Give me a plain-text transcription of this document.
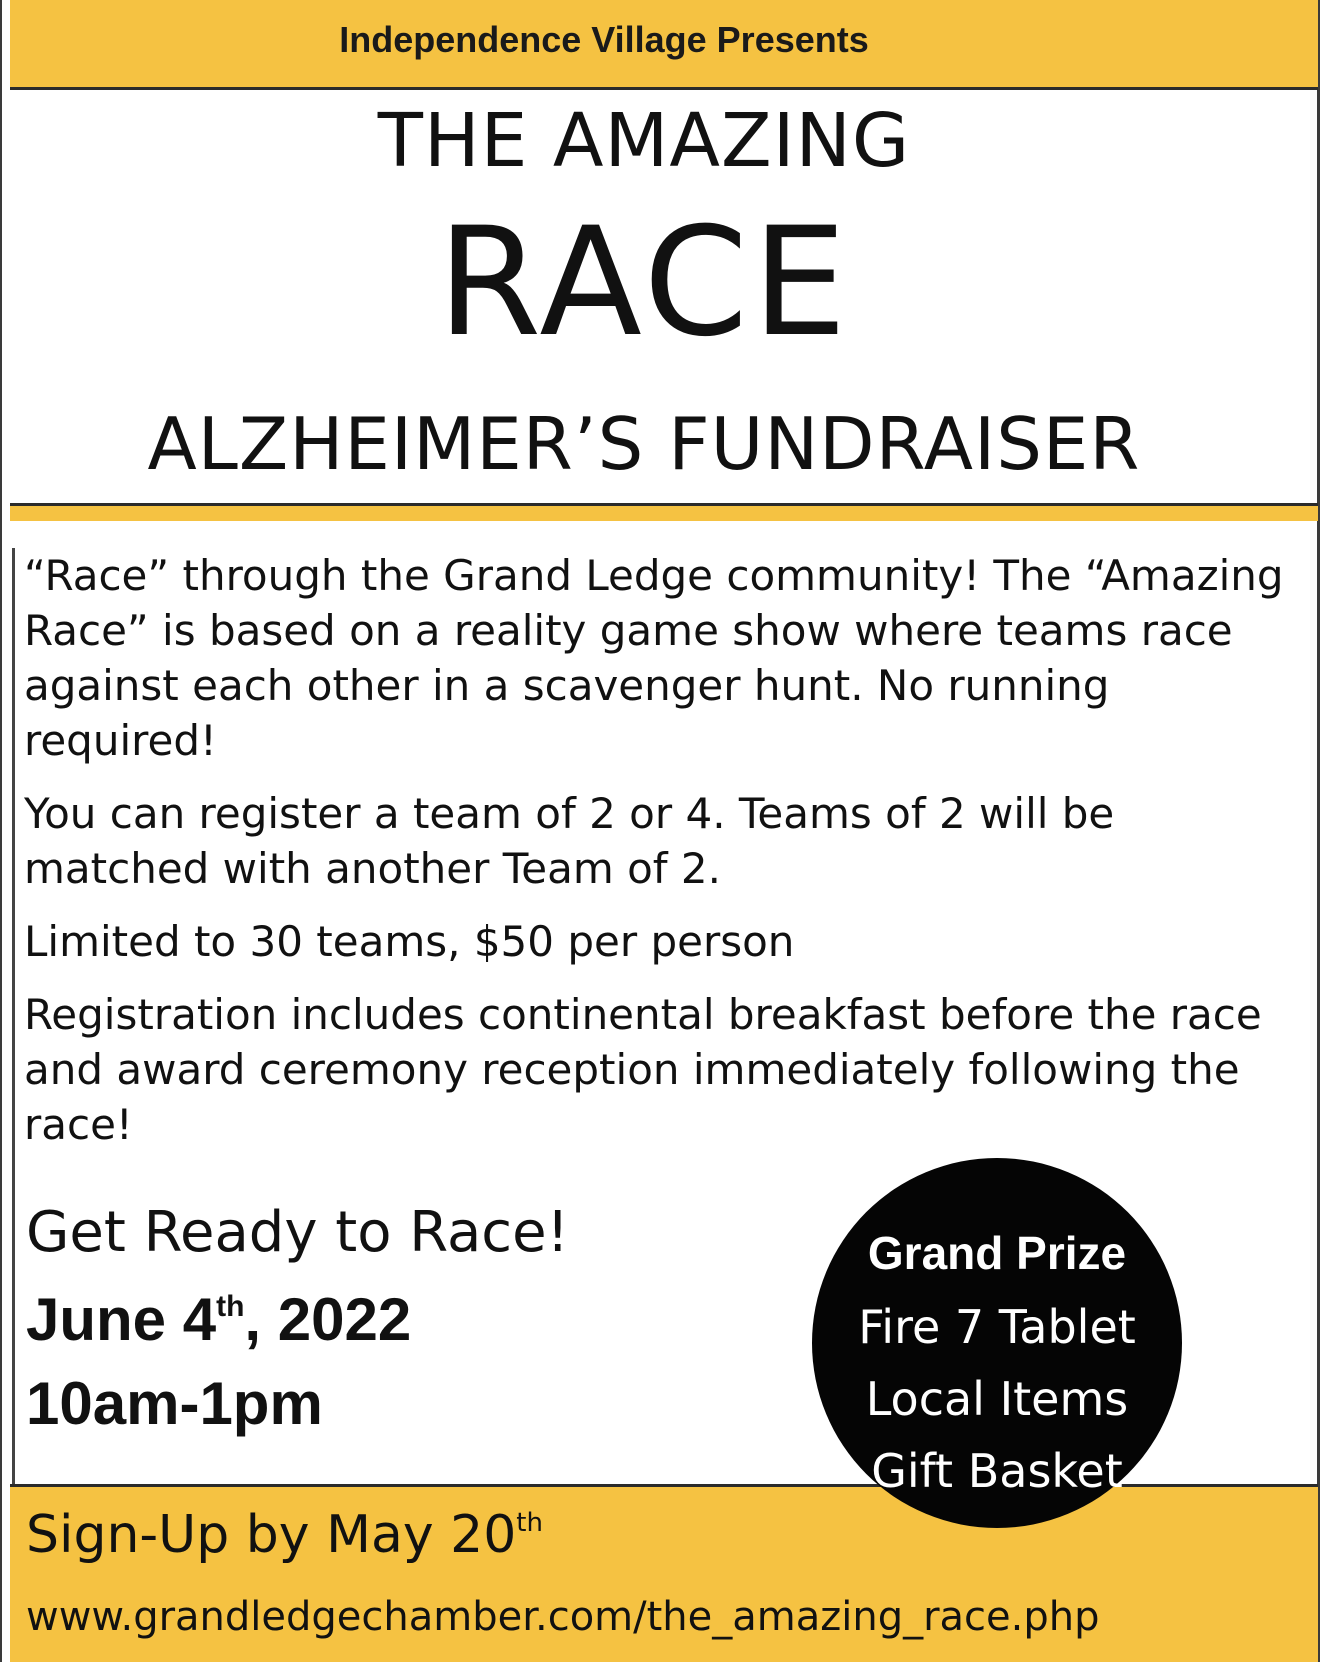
Independence Village Presents
THE AMAZING
RACE
ALZHEIMER’S FUNDRAISER

“Race” through the Grand Ledge community! The “Amazing Race” is based on a reality game show where teams race against each other in a scavenger hunt. No running required!

You can register a team of 2 or 4. Teams of 2 will be matched with another Team of 2.

Limited to 30 teams, $50 per person

Registration includes continental breakfast before the race and award ceremony reception immediately following the race!

Get Ready to Race!
June 4th, 2022
10am-1pm
Sign-Up by May 20th
www.grandledgechamber.com/the_amazing_race.php
Grand Prize
Fire 7 Tablet
Local Items
Gift Basket
